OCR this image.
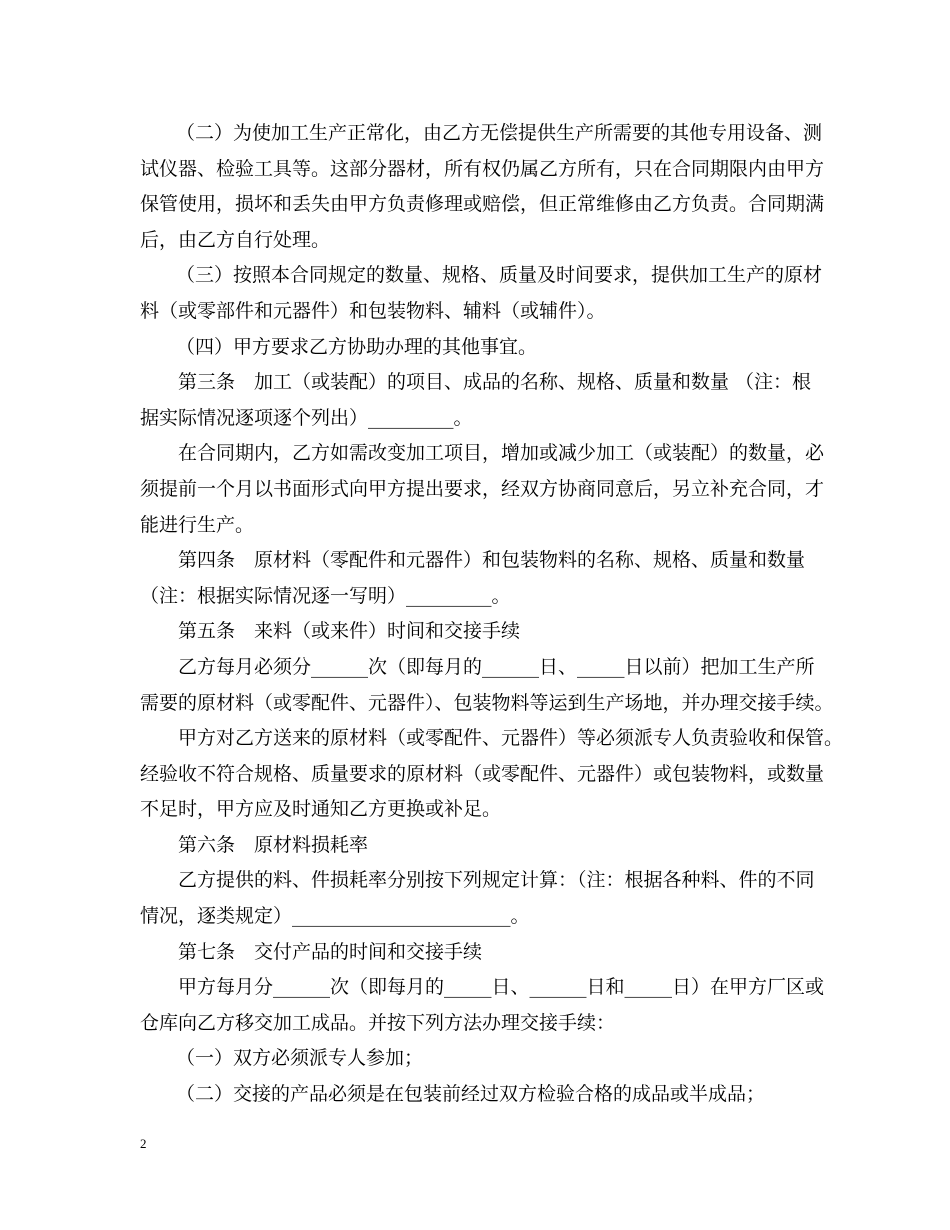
（二）为使加工生产正常化，由乙方无偿提供生产所需要的其他专用设备、测
试仪器、检验工具等。这部分器材，所有权仍属乙方所有，只在合同期限内由甲方
保管使用，损坏和丢失由甲方负责修理或赔偿，但正常维修由乙方负责。合同期满
后，由乙方自行处理。
（三）按照本合同规定的数量、规格、质量及时间要求，提供加工生产的原材
料（或零部件和元器件）和包装物料、辅料（或辅件）。
（四）甲方要求乙方协助办理的其他事宜。
第三条　加工（或装配）的项目、成品的名称、规格、质量和数量 （注：根
据实际情况逐项逐个列出）_________。
在合同期内，乙方如需改变加工项目，增加或减少加工（或装配）的数量，必
须提前一个月以书面形式向甲方提出要求，经双方协商同意后，另立补充合同，才
能进行生产。
第四条　原材料（零配件和元器件）和包装物料的名称、规格、质量和数量
（注：根据实际情况逐一写明）_________。
第五条　来料（或来件）时间和交接手续
乙方每月必须分______次（即每月的______日、_____日以前）把加工生产所
需要的原材料（或零配件、元器件）、包装物料等运到生产场地，并办理交接手续。
甲方对乙方送来的原材料（或零配件、元器件）等必须派专人负责验收和保管。
经验收不符合规格、质量要求的原材料（或零配件、元器件）或包装物料，或数量
不足时，甲方应及时通知乙方更换或补足。
第六条　原材料损耗率
乙方提供的料、件损耗率分别按下列规定计算：（注：根据各种料、件的不同
情况，逐类规定）_______________________。
第七条　交付产品的时间和交接手续
甲方每月分______次（即每月的_____日、______日和_____日）在甲方厂区或
仓库向乙方移交加工成品。并按下列方法办理交接手续：
（一）双方必须派专人参加；
（二）交接的产品必须是在包装前经过双方检验合格的成品或半成品；
2
